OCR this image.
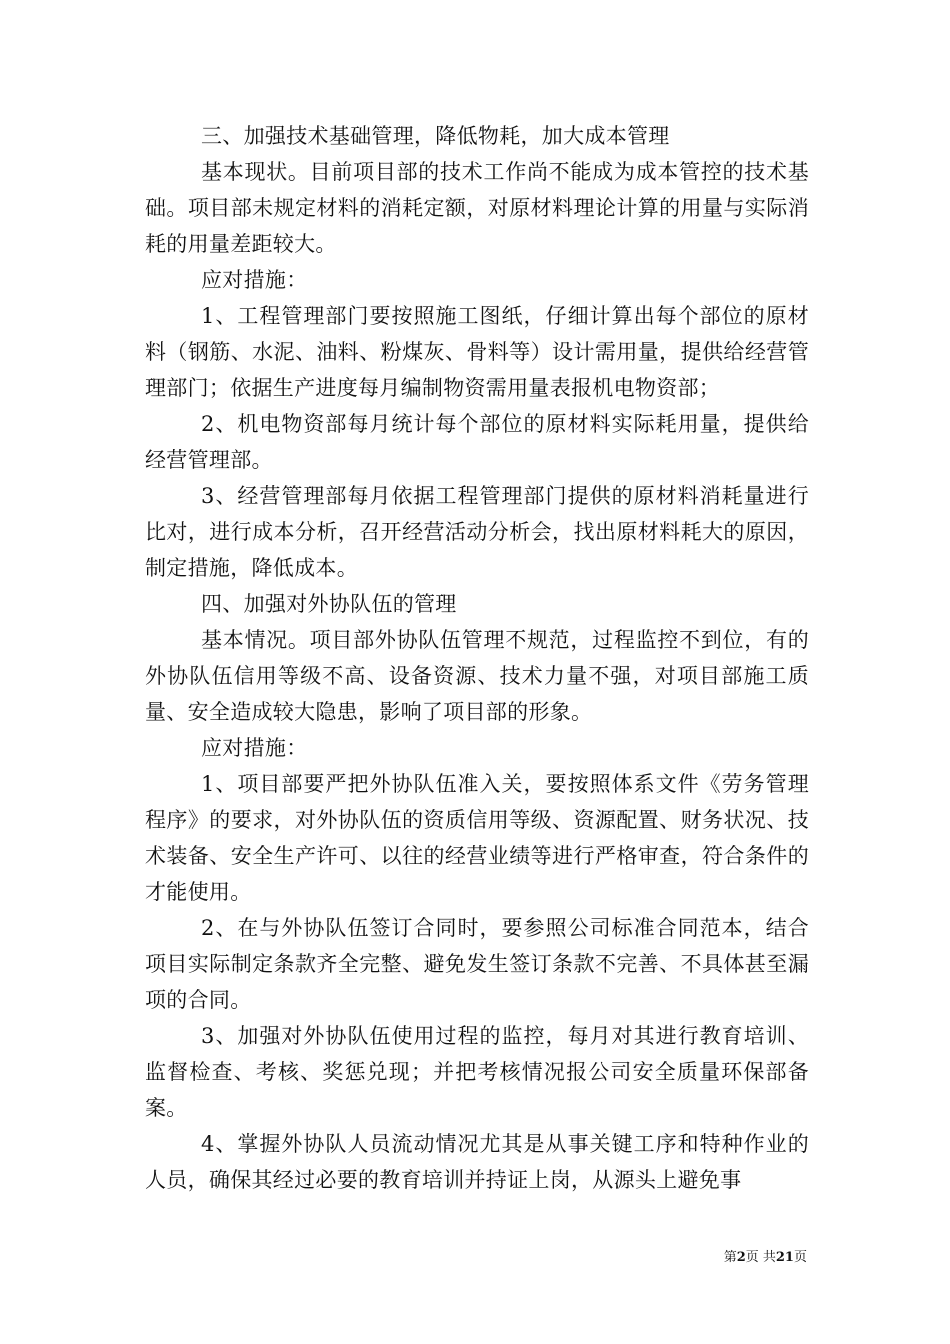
三、加强技术基础管理，降低物耗，加大成本管理

基本现状。目前项目部的技术工作尚不能成为成本管控的技术基础。项目部未规定材料的消耗定额，对原材料理论计算的用量与实际消耗的用量差距较大。

应对措施：

1、工程管理部门要按照施工图纸，仔细计算出每个部位的原材料（钢筋、水泥、油料、粉煤灰、骨料等）设计需用量，提供给经营管理部门；依据生产进度每月编制物资需用量表报机电物资部；

2、机电物资部每月统计每个部位的原材料实际耗用量，提供给经营管理部。

3、经营管理部每月依据工程管理部门提供的原材料消耗量进行比对，进行成本分析，召开经营活动分析会，找出原材料耗大的原因，制定措施，降低成本。

四、加强对外协队伍的管理

基本情况。项目部外协队伍管理不规范，过程监控不到位，有的外协队伍信用等级不高、设备资源、技术力量不强，对项目部施工质量、安全造成较大隐患，影响了项目部的形象。

应对措施：

1、项目部要严把外协队伍准入关，要按照体系文件《劳务管理程序》的要求，对外协队伍的资质信用等级、资源配置、财务状况、技术装备、安全生产许可、以往的经营业绩等进行严格审查，符合条件的才能使用。

2、在与外协队伍签订合同时，要参照公司标准合同范本，结合项目实际制定条款齐全完整、避免发生签订条款不完善、不具体甚至漏项的合同。

3、加强对外协队伍使用过程的监控，每月对其进行教育培训、监督检查、考核、奖惩兑现；并把考核情况报公司安全质量环保部备案。

4、掌握外协队人员流动情况尤其是从事关键工序和特种作业的人员，确保其经过必要的教育培训并持证上岗，从源头上避免事

第2页 共21页
